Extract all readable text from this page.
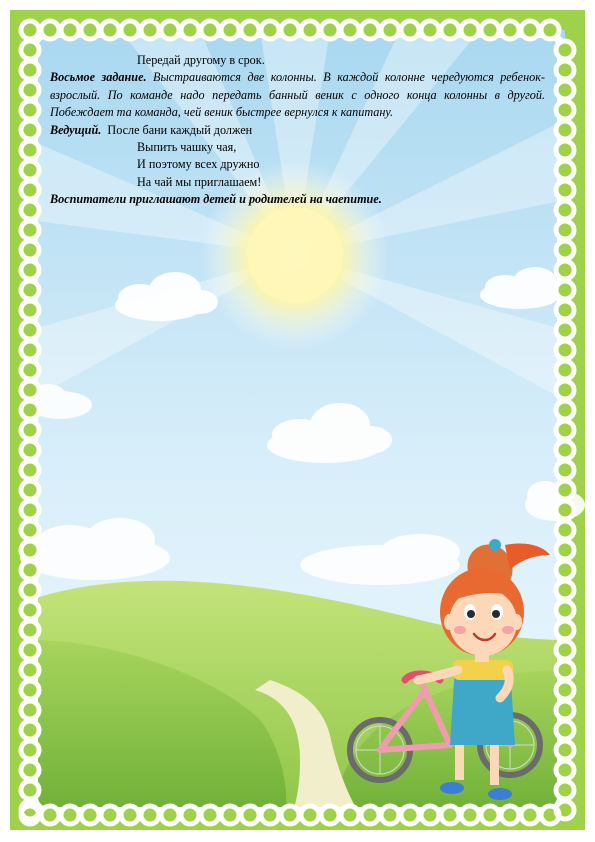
Передай другому в срок.

Восьмое задание. Выстраиваются две колонны. В каждой колонне чередуются ребенок-взрослый. По команде надо передать банный веник с одного конца колонны в другой. Побеждает та команда, чей веник быстрее вернулся к капитану.

Ведущий. После бани каждый должен

Выпить чашку чая,

И поэтому всех дружно

На чай мы приглашаем!

Воспитатели приглашают детей и родителей на чаепитие.
